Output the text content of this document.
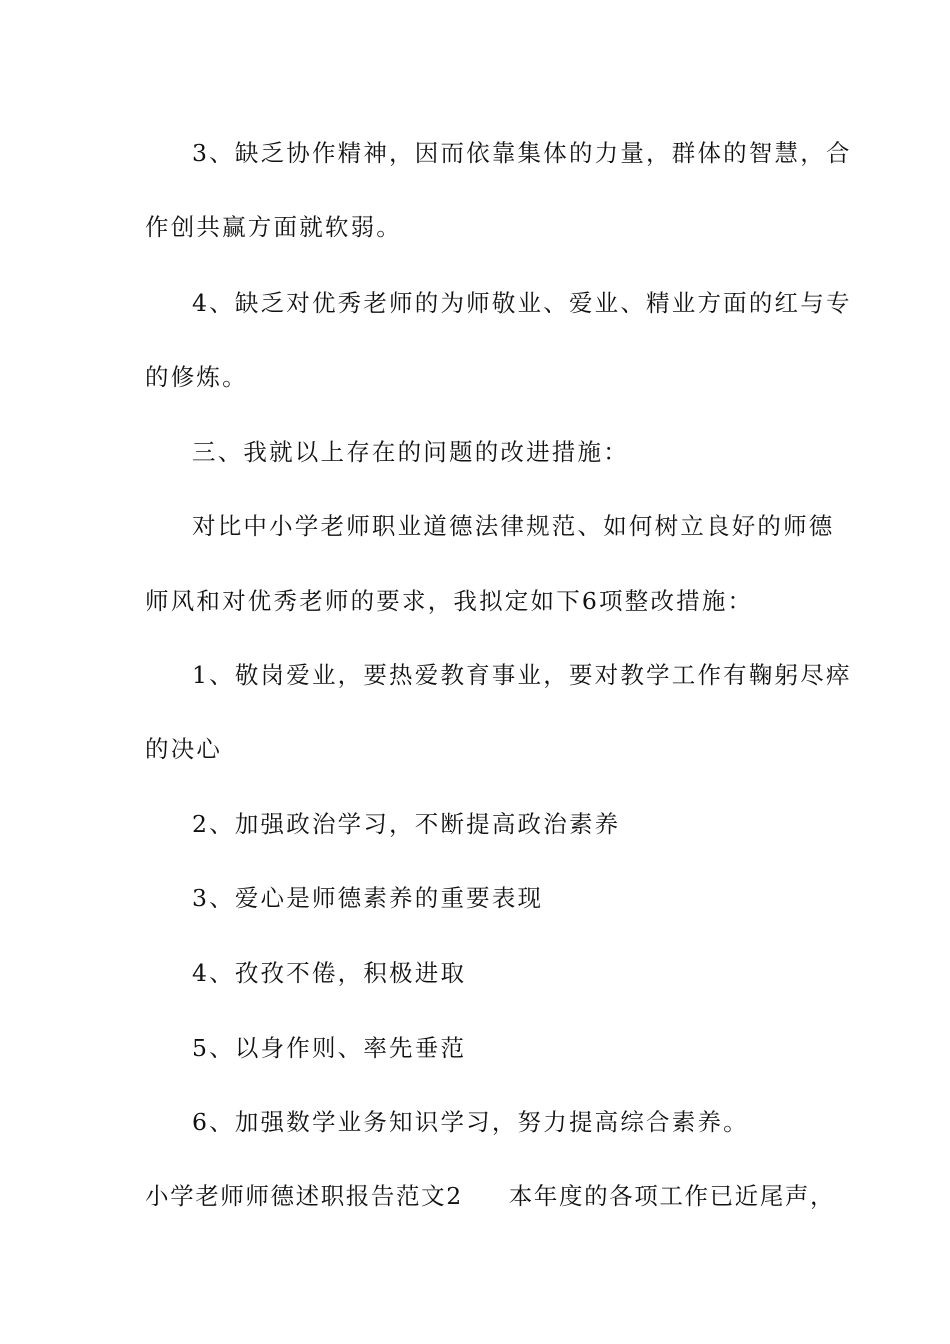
3、缺乏协作精神，因而依靠集体的力量，群体的智慧，合
作创共赢方面就软弱。
4、缺乏对优秀老师的为师敬业、爱业、精业方面的红与专
的修炼。
三、我就以上存在的问题的改进措施：
对比中小学老师职业道德法律规范、如何树立良好的师德
师风和对优秀老师的要求，我拟定如下6项整改措施：
1、敬岗爱业，要热爱教育事业，要对教学工作有鞠躬尽瘁
的决心
2、加强政治学习，不断提高政治素养
3、爱心是师德素养的重要表现
4、孜孜不倦，积极进取
5、以身作则、率先垂范
6、加强数学业务知识学习，努力提高综合素养。
小学老师师德述职报告范文2 本年度的各项工作已近尾声，
